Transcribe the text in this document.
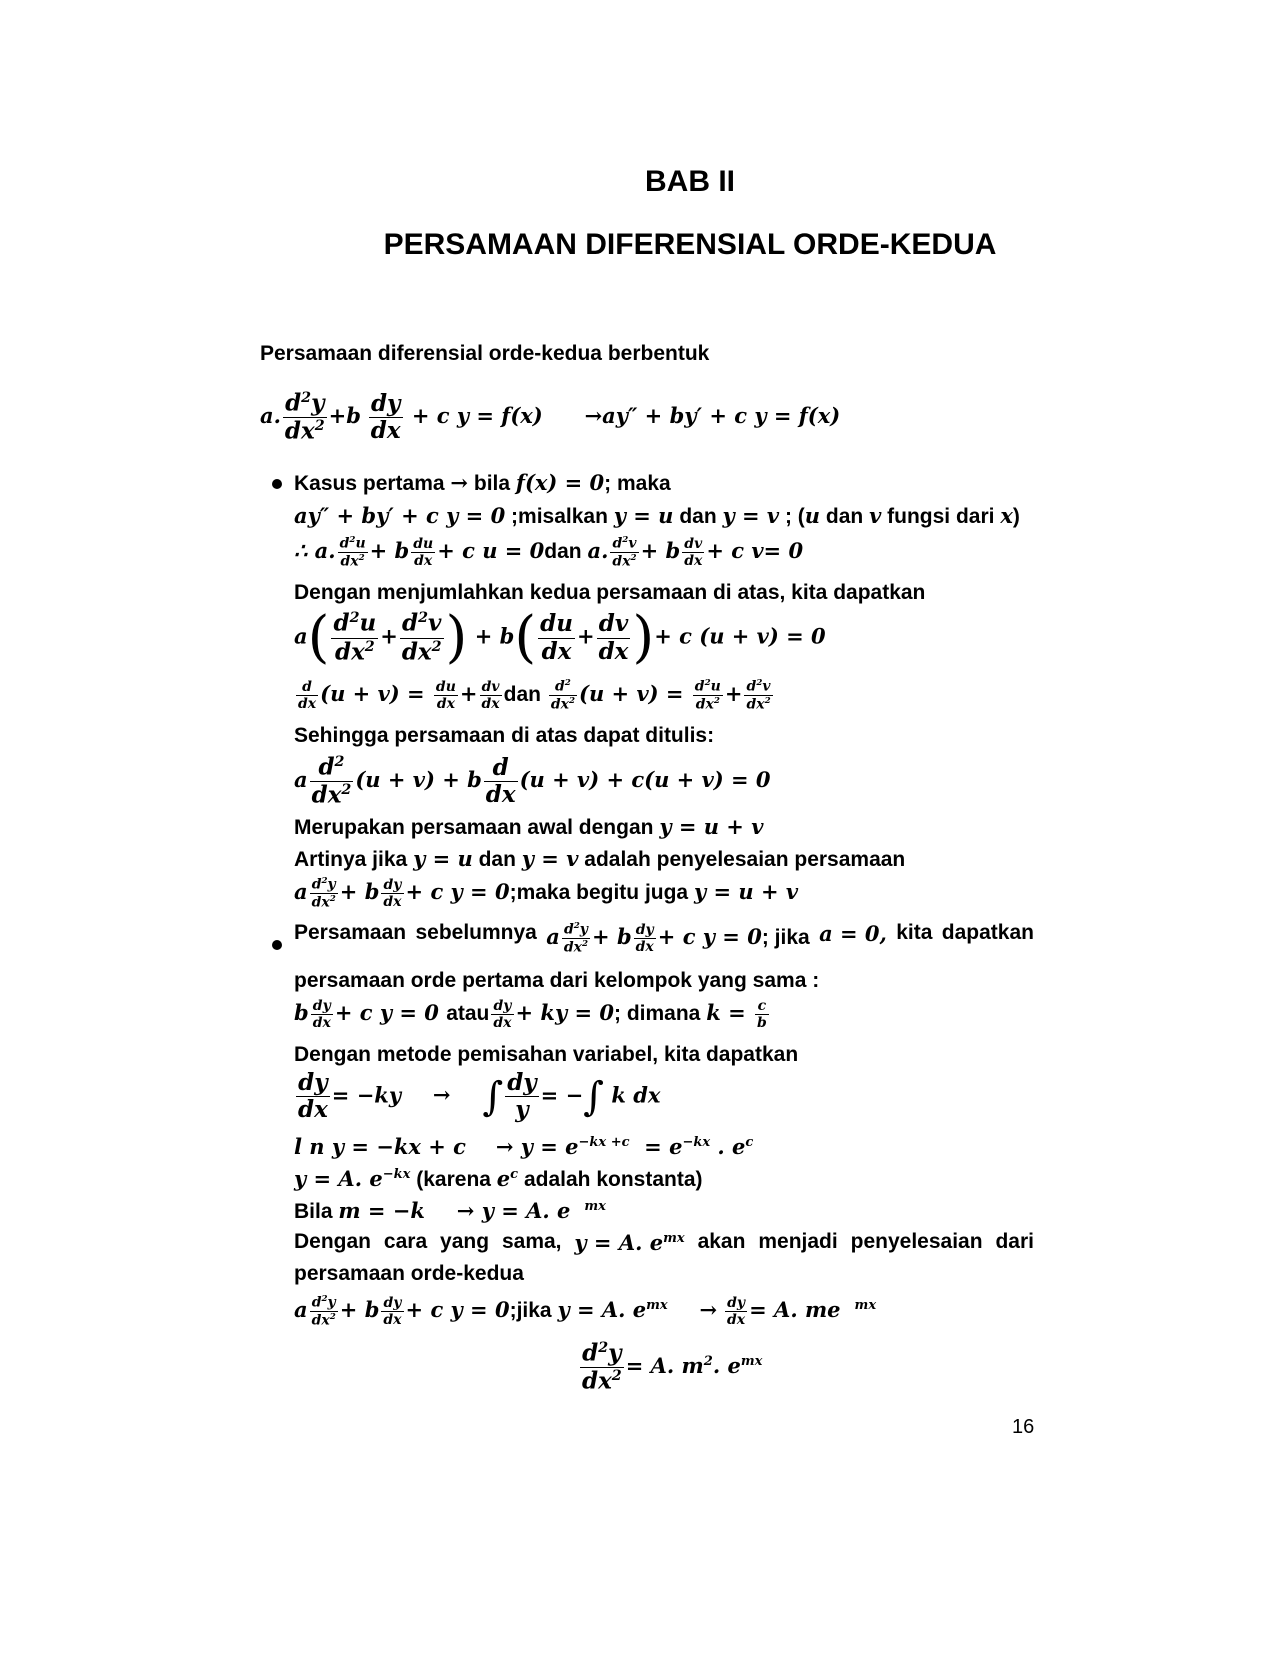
BAB II
PERSAMAAN DIFERENSIAL ORDE-KEDUA
Persamaan diferensial orde-kedua berbentuk
a. $\frac{d^2y}{dx^2} +b \frac{dy}{dx} + c$ y = f(x) →ay″ + by′ + c y = f(x)
Kasus pertama → bila f(x) = 0; maka
ay″ + by′ + c y = 0 ;misalkan y = u dan y = v ; (u dan v fungsi dari x)
∴ a. $\frac{d^2u}{dx^2} + b \frac{du}{dx} + c$ u = 0dan a. $\frac{d^2v}{dx^2} + b \frac{dv}{dx} + c$ v= 0
Dengan menjumlahkan kedua persamaan di atas, kita dapatkan
$a( \frac{d^2u}{dx^2} + \frac{d^2v}{dx^2}$ ) + $b( \frac{du}{dx} + \frac{dv}{dx}$ )+ c (u + v) = 0
$\frac{d}{dx} (u + v) = \frac{du}{dx} + \frac{dv}{dx}$ dan $\frac{d^2}{dx^2} (u + v) = \frac{d^2u}{dx^2} + \frac{d^2v}{dx^2}$
Sehingga persamaan di atas dapat ditulis:
a $\frac{d^2}{dx^2} (u + v) + b \frac{d}{dx} (u + v) + c(u + v) = 0$
Merupakan persamaan awal dengan y = u + v
Artinya jika y = u dan y = v adalah penyelesaian persamaan
a $\frac{d^2y}{dx^2} + b \frac{dy}{dx} + c$ y = 0;maka begitu juga y = u + v
Persamaan sebelumnya a $\frac{d^2y}{dx^2} + b \frac{dy}{dx} + c$ y = 0; jika a = 0, kita dapatkan
persamaan orde pertama dari kelompok yang sama :
b $\frac{dy}{dx} + c$ y = 0 atau $\frac{dy}{dx}$ + ky = 0; dimana $k = \frac{c}{b}$
Dengan metode pemisahan variabel, kita dapatkan
$\frac{dy}{dx} = -ky$ → ∫ $\frac{dy}{y}$ = −∫ k dx
l n $y = -kx + c \to y = e^{-kx +c} = e^{-kx}$ . $e^c$
y = A. $e^{-kx}$ (karena $e^c$ adalah konstanta)
Bila m = −k → y = A. e $^{mx}$
Dengan cara yang sama, y = A. $e^{mx}$ akan menjadi penyelesaian dari
persamaan orde-kedua
a $\frac{d^2y}{dx^2} + b \frac{dy}{dx} + c$ y = 0;jika y = A. $e^{mx} \to \frac{dy}{dx} = A$. me $^{mx}$
$\frac{d^2y}{dx^2} = A$. $m^2$. $e^{mx}$
16
